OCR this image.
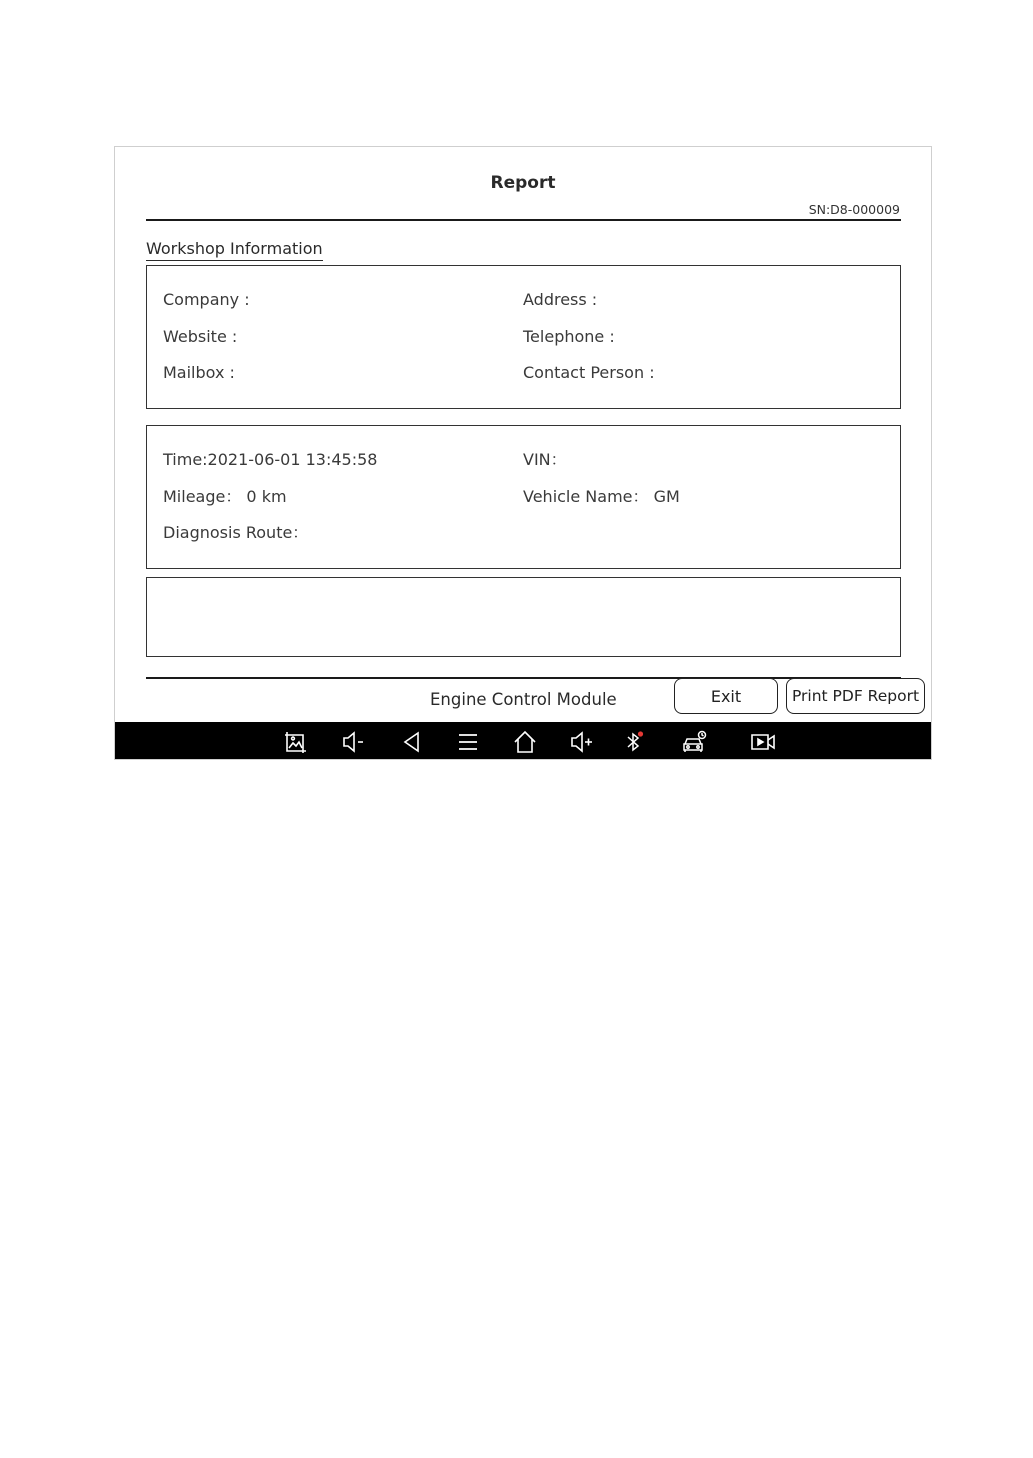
Report
SN:D8-000009
Workshop Information
Company :	Address :
Website :	Telephone :
Mailbox :	Contact Person :
Time:2021-06-01 13:45:58	VIN：
Mileage： 0 km	Vehicle Name： GM
Diagnosis Route：
Engine Control Module	Exit	Print PDF Report
